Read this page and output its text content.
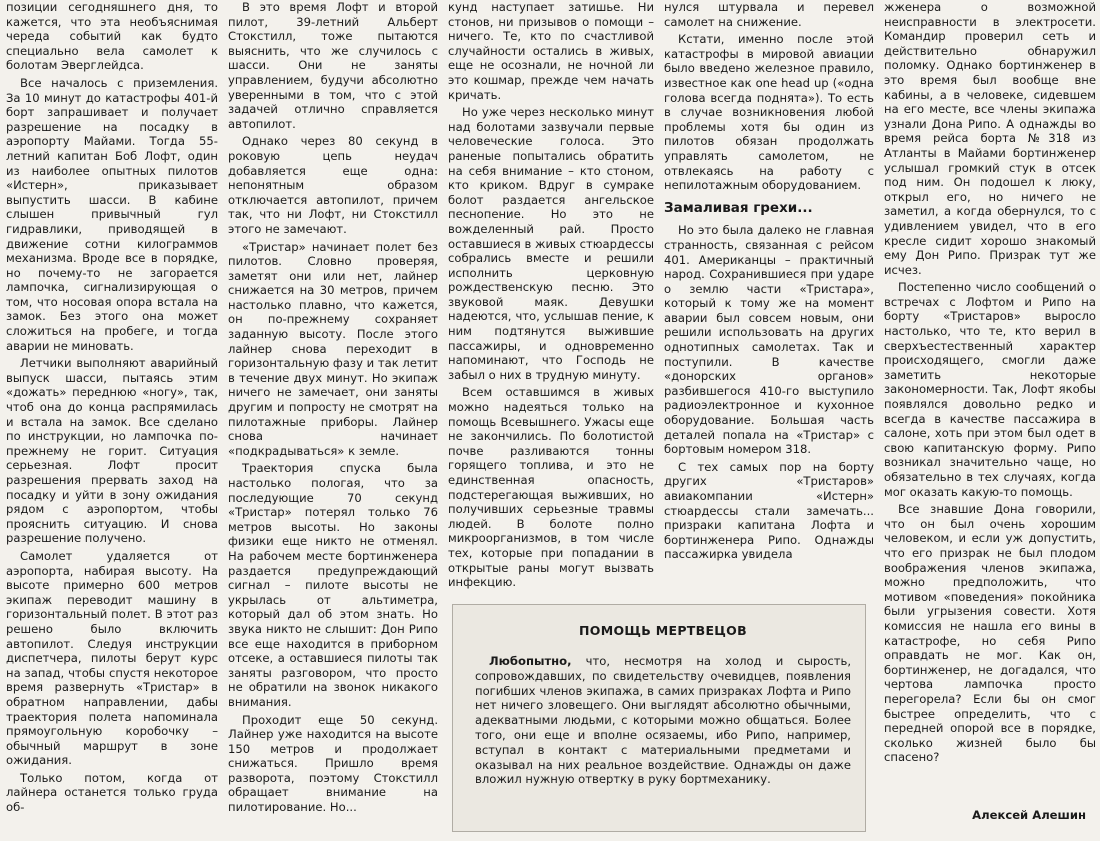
позиции сегодняшнего дня, то кажется, что эта необъяснимая череда событий как будто специально вела самолет к болотам Эверглейдса.

Все началось с приземления. За 10 минут до катастрофы 401-й борт запрашивает и получает разрешение на посадку в аэропорту Майами. Тогда 55-летний капитан Боб Лофт, один из наиболее опытных пилотов «Истерн», приказывает выпустить шасси. В кабине слышен привычный гул гидравлики, приводящей в движение сотни килограммов механизма. Вроде все в порядке, но почему-то не загорается лампочка, сигнализирующая о том, что носовая опора встала на замок. Без этого она может сложиться на пробеге, и тогда аварии не миновать.

Летчики выполняют аварийный выпуск шасси, пытаясь этим «дожать» переднюю «ногу», так, чтоб она до конца распрямилась и встала на замок. Все сделано по инструкции, но лампочка по-прежнему не горит. Ситуация серьезная. Лофт просит разрешения прервать заход на посадку и уйти в зону ожидания рядом с аэропортом, чтобы прояснить ситуацию. И снова разрешение получено.

Самолет удаляется от аэропорта, набирая высоту. На высоте примерно 600 метров экипаж переводит машину в горизонтальный полет. В этот раз решено было включить автопилот. Следуя инструкции диспетчера, пилоты берут курс на запад, чтобы спустя некоторое время развернуть «Тристар» в обратном направлении, дабы траектория полета напоминала прямоугольную коробочку – обычный маршрут в зоне ожидания.

Только потом, когда от лайнера останется только груда об-

В это время Лофт и второй пилот, 39-летний Альберт Стокстилл, тоже пытаются выяснить, что же случилось с шасси. Они не заняты управлением, будучи абсолютно уверенными в том, что с этой задачей отлично справляется автопилот.

Однако через 80 секунд в роковую цепь неудач добавляется еще одна: непонятным образом отключается автопилот, причем так, что ни Лофт, ни Стокстилл этого не замечают.

«Тристар» начинает полет без пилотов. Словно проверяя, заметят они или нет, лайнер снижается на 30 метров, причем настолько плавно, что кажется, он по-прежнему сохраняет заданную высоту. После этого лайнер снова переходит в горизонтальную фазу и так летит в течение двух минут. Но экипаж ничего не замечает, они заняты другим и попросту не смотрят на пилотажные приборы. Лайнер снова начинает «подкрадываться» к земле.

Траектория спуска была настолько пологая, что за последующие 70 секунд «Тристар» потерял только 76 метров высоты. Но законы физики еще никто не отменял. На рабочем месте бортинженера раздается предупреждающий сигнал – пилоте высоты не укрылась от альтиметра, который дал об этом знать. Но звука никто не слышит: Дон Рипо все еще находится в приборном отсеке, а оставшиеся пилоты так заняты разговором, что просто не обратили на звонок никакого внимания.

Проходит еще 50 секунд. Лайнер уже находится на высоте 150 метров и продолжает снижаться. Пришло время разворота, поэтому Стокстилл обращает внимание на пилотирование. Но...

кунд наступает затишье. Ни стонов, ни призывов о помощи – ничего. Те, кто по счастливой случайности остались в живых, еще не осознали, не ночной ли это кошмар, прежде чем начать кричать.

Но уже через несколько минут над болотами зазвучали первые человеческие голоса. Это раненые попытались обратить на себя внимание – кто стоном, кто криком. Вдруг в сумраке болот раздается ангельское песнопение. Но это не вожделенный рай. Просто оставшиеся в живых стюардессы собрались вместе и решили исполнить церковную рождественскую песню. Это звуковой маяк. Девушки надеются, что, услышав пение, к ним подтянутся выжившие пассажиры, и одновременно напоминают, что Господь не забыл о них в трудную минуту.

Всем оставшимся в живых можно надеяться только на помощь Всевышнего. Ужасы еще не закончились. По болотистой почве разливаются тонны горящего топлива, и это не единственная опасность, подстерегающая выживших, но получивших серьезные травмы людей. В болоте полно микроорганизмов, в том числе тех, которые при попадании в открытые раны могут вызвать инфекцию.

нулся штурвала и перевел самолет на снижение.

Кстати, именно после этой катастрофы в мировой авиации было введено железное правило, известное как one head up («одна голова всегда поднята»). То есть в случае возникновения любой проблемы хотя бы один из пилотов обязан продолжать управлять самолетом, не отвлекаясь на работу с непилотажным оборудованием.

Замаливая грехи...

Но это была далеко не главная странность, связанная с рейсом 401. Американцы – практичный народ. Сохранившиеся при ударе о землю части «Тристара», который к тому же на момент аварии был совсем новым, они решили использовать на других однотипных самолетах. Так и поступили. В качестве «донорских органов» разбившегося 410-го выступило радиоэлектронное и кухонное оборудование. Большая часть деталей попала на «Тристар» с бортовым номером 318.

С тех самых пор на борту других «Тристаров» авиакомпании «Истерн» стюардессы стали замечать... призраки капитана Лофта и бортинженера Рипо. Однажды пассажирка увидела

жженера о возможной неисправности в электросети. Командир проверил сеть и действительно обнаружил поломку. Однако бортинженер в это время был вообще вне кабины, а в человеке, сидевшем на его месте, все члены экипажа узнали Дона Рипо. А однажды во время рейса борта №318 из Атланты в Майами бортинженер услышал громкий стук в отсек под ним. Он подошел к люку, открыл его, но ничего не заметил, а когда обернулся, то с удивлением увидел, что в его кресле сидит хорошо знакомый ему Дон Рипо. Призрак тут же исчез.

Постепенно число сообщений о встречах с Лофтом и Рипо на борту «Тристаров» выросло настолько, что те, кто верил в сверхъестественный характер происходящего, смогли даже заметить некоторые закономерности. Так, Лофт якобы появлялся довольно редко и всегда в качестве пассажира в салоне, хоть при этом был одет в свою капитанскую форму. Рипо возникал значительно чаще, но обязательно в тех случаях, когда мог оказать какую-то помощь.

Все знавшие Дона говорили, что он был очень хорошим человеком, и если уж допустить, что его призрак не был плодом воображения членов экипажа, можно предположить, что мотивом «поведения» покойника были угрызения совести. Хотя комиссия не нашла его вины в катастрофе, но себя Рипо оправдать не мог. Как он, бортинженер, не догадался, что чертова лампочка просто перегорела? Если бы он смог быстрее определить, что с передней опорой все в порядке, сколько жизней было бы спасено?

ПОМОЩЬ МЕРТВЕЦОВ
Любопытно, что, несмотря на холод и сырость, сопровождавших, по свидетельству очевидцев, появления погибших членов экипажа, в самих призраках Лофта и Рипо нет ничего зловещего. Они выглядят абсолютно обычными, адекватными людьми, с которыми можно общаться. Более того, они еще и вполне осязаемы, ибо Рипо, например, вступал в контакт с материальными предметами и оказывал на них реальное воздействие. Однажды он даже вложил нужную отвертку в руку бортмеханику.
Алексей Алешин
